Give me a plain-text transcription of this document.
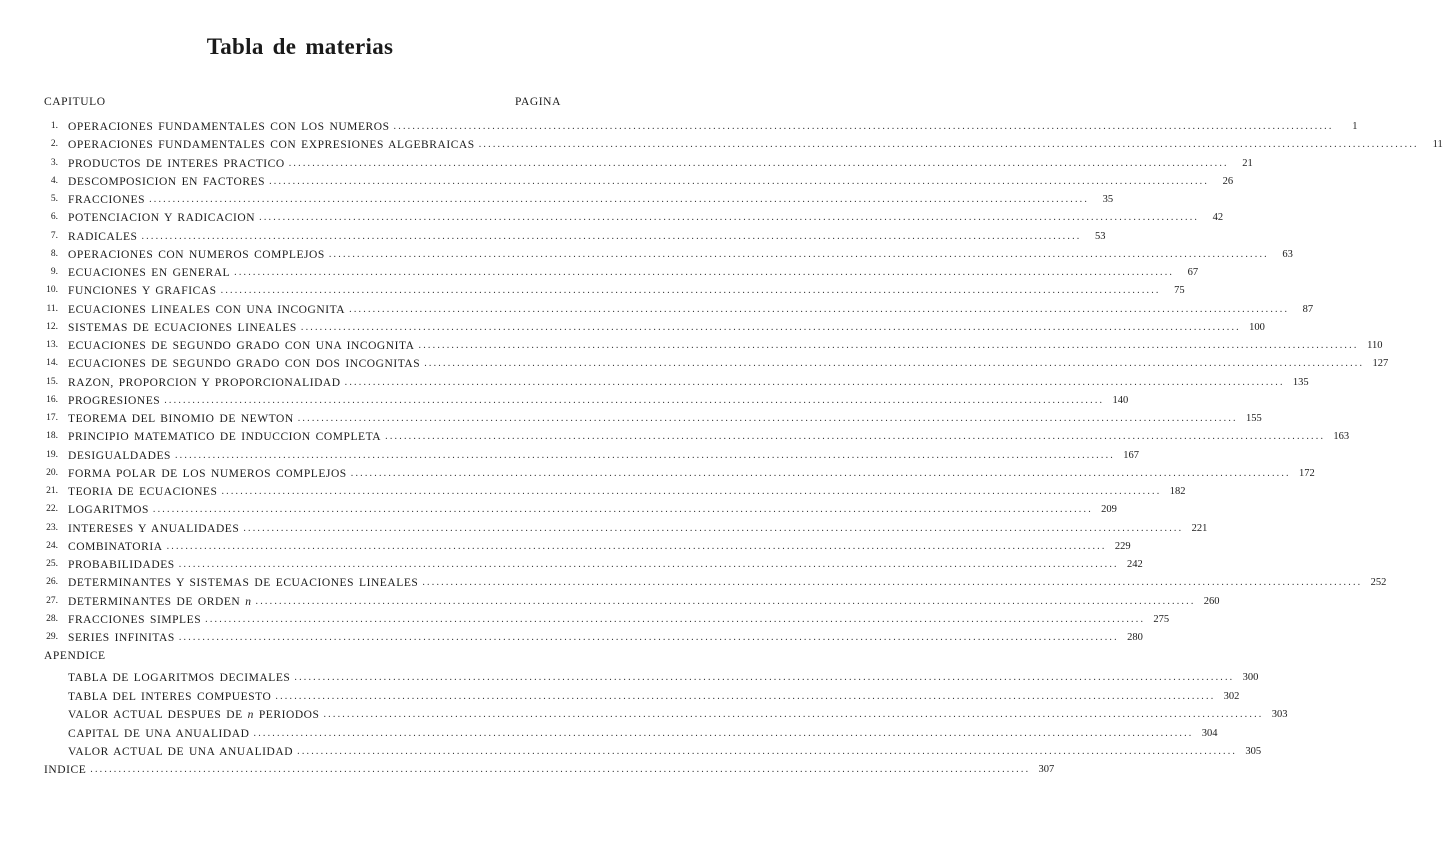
Tabla de materias
CAPITULO	PAGINA
1. OPERACIONES FUNDAMENTALES CON LOS NUMEROS ........................................................................................................................................................................................................	1
2. OPERACIONES FUNDAMENTALES CON EXPRESIONES ALGEBRAICAS ........................................................................................................................................................................................................	11
3. PRODUCTOS DE INTERES PRACTICO ........................................................................................................................................................................................................	21
4. DESCOMPOSICION EN FACTORES ........................................................................................................................................................................................................	26
5. FRACCIONES ........................................................................................................................................................................................................	35
6. POTENCIACION Y RADICACION ........................................................................................................................................................................................................	42
7. RADICALES ........................................................................................................................................................................................................	53
8. OPERACIONES CON NUMEROS COMPLEJOS ........................................................................................................................................................................................................	63
9. ECUACIONES EN GENERAL ........................................................................................................................................................................................................	67
10. FUNCIONES Y GRAFICAS ........................................................................................................................................................................................................	75
11. ECUACIONES LINEALES CON UNA INCOGNITA ........................................................................................................................................................................................................	87
12. SISTEMAS DE ECUACIONES LINEALES ........................................................................................................................................................................................................ 100
13. ECUACIONES DE SEGUNDO GRADO CON UNA INCOGNITA ........................................................................................................................................................................................................ 110
14. ECUACIONES DE SEGUNDO GRADO CON DOS INCOGNITAS ........................................................................................................................................................................................................ 127
15. RAZON, PROPORCION Y PROPORCIONALIDAD ........................................................................................................................................................................................................ 135
16. PROGRESIONES ........................................................................................................................................................................................................ 140
17. TEOREMA DEL BINOMIO DE NEWTON ........................................................................................................................................................................................................ 155
18. PRINCIPIO MATEMATICO DE INDUCCION COMPLETA ........................................................................................................................................................................................................ 163
19. DESIGUALDADES ........................................................................................................................................................................................................ 167
20. FORMA POLAR DE LOS NUMEROS COMPLEJOS ........................................................................................................................................................................................................ 172
21. TEORIA DE ECUACIONES ........................................................................................................................................................................................................ 182
22. LOGARITMOS ........................................................................................................................................................................................................ 209
23. INTERESES Y ANUALIDADES ........................................................................................................................................................................................................ 221
24. COMBINATORIA ........................................................................................................................................................................................................ 229
25. PROBABILIDADES ........................................................................................................................................................................................................ 242
26. DETERMINANTES Y SISTEMAS DE ECUACIONES LINEALES ........................................................................................................................................................................................................ 252
27. DETERMINANTES DE ORDEN n ........................................................................................................................................................................................................ 260
28. FRACCIONES SIMPLES ........................................................................................................................................................................................................ 275
29. SERIES INFINITAS ........................................................................................................................................................................................................ 280
TABLA DE LOGARITMOS DECIMALES ........................................................................................................................................................................................................ 300
TABLA DEL INTERES COMPUESTO ........................................................................................................................................................................................................ 302
VALOR ACTUAL DESPUES DE n PERIODOS ........................................................................................................................................................................................................ 303
CAPITAL DE UNA ANUALIDAD ........................................................................................................................................................................................................ 304
VALOR ACTUAL DE UNA ANUALIDAD ........................................................................................................................................................................................................ 305
INDICE ........................................................................................................................................................................................................ 307
APENDICE
